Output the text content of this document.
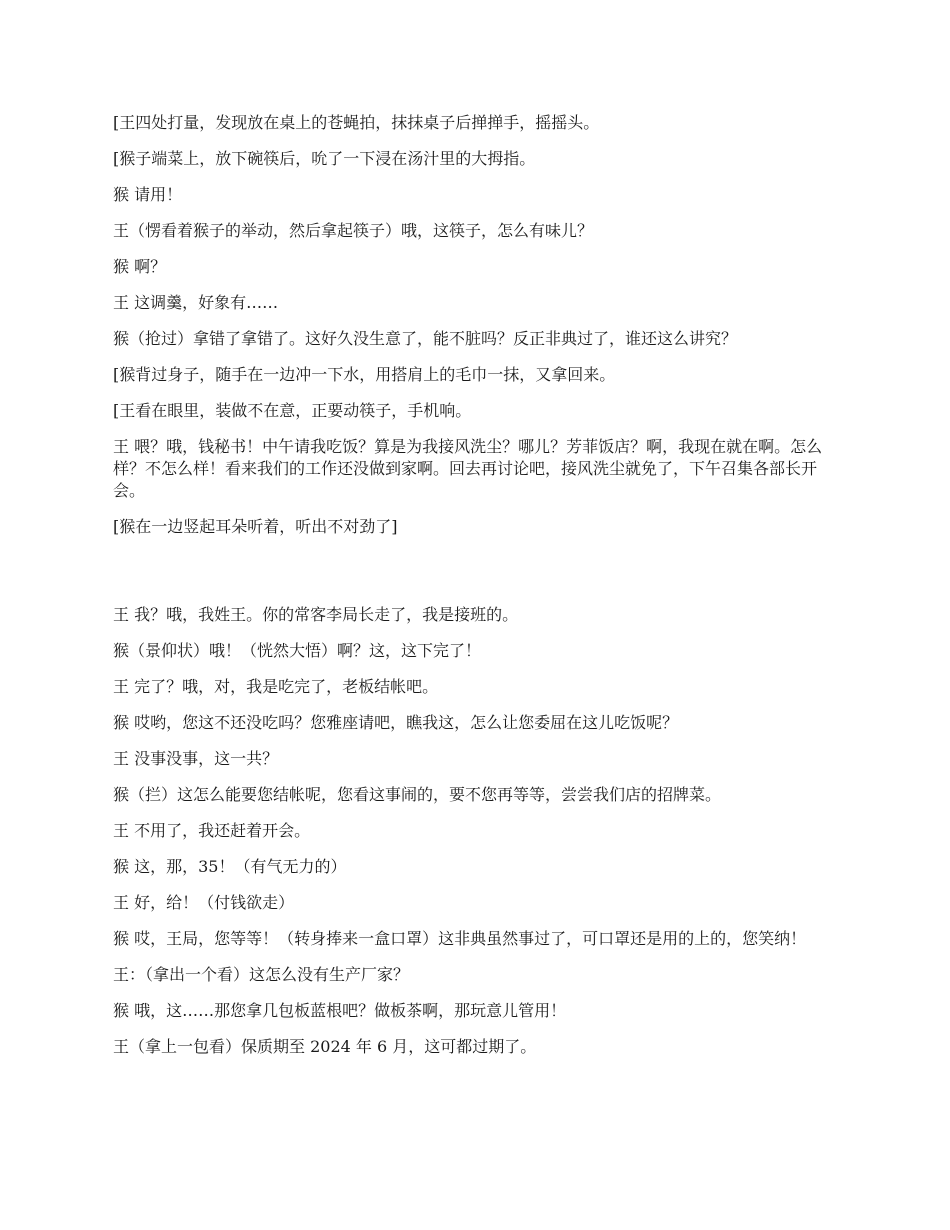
[王四处打量，发现放在桌上的苍蝇拍，抹抹桌子后掸掸手，摇摇头。

[猴子端菜上，放下碗筷后，吮了一下浸在汤汁里的大拇指。

猴 请用！

王（愣看着猴子的举动，然后拿起筷子）哦，这筷子，怎么有味儿？

猴 啊？

王 这调羹，好象有……

猴（抢过）拿错了拿错了。这好久没生意了，能不脏吗？反正非典过了，谁还这么讲究？

[猴背过身子，随手在一边冲一下水，用搭肩上的毛巾一抹，又拿回来。

[王看在眼里，装做不在意，正要动筷子，手机响。

王 喂？哦，钱秘书！中午请我吃饭？算是为我接风洗尘？哪儿？芳菲饭店？啊，我现在就在啊。怎么样？不怎么样！看来我们的工作还没做到家啊。回去再讨论吧，接风洗尘就免了，下午召集各部长开会。

[猴在一边竖起耳朵听着，听出不对劲了]

王 我？哦，我姓王。你的常客李局长走了，我是接班的。

猴（景仰状）哦！（恍然大悟）啊？这，这下完了！

王 完了？哦，对，我是吃完了，老板结帐吧。

猴 哎哟，您这不还没吃吗？您雅座请吧，瞧我这，怎么让您委屈在这儿吃饭呢？

王 没事没事，这一共？

猴（拦）这怎么能要您结帐呢，您看这事闹的，要不您再等等，尝尝我们店的招牌菜。

王 不用了，我还赶着开会。

猴 这，那，35！（有气无力的）

王 好，给！（付钱欲走）

猴 哎，王局，您等等！（转身捧来一盒口罩）这非典虽然事过了，可口罩还是用的上的，您笑纳！

王：（拿出一个看）这怎么没有生产厂家？

猴 哦，这……那您拿几包板蓝根吧？做板茶啊，那玩意儿管用！

王（拿上一包看）保质期至 2024 年 6 月，这可都过期了。
